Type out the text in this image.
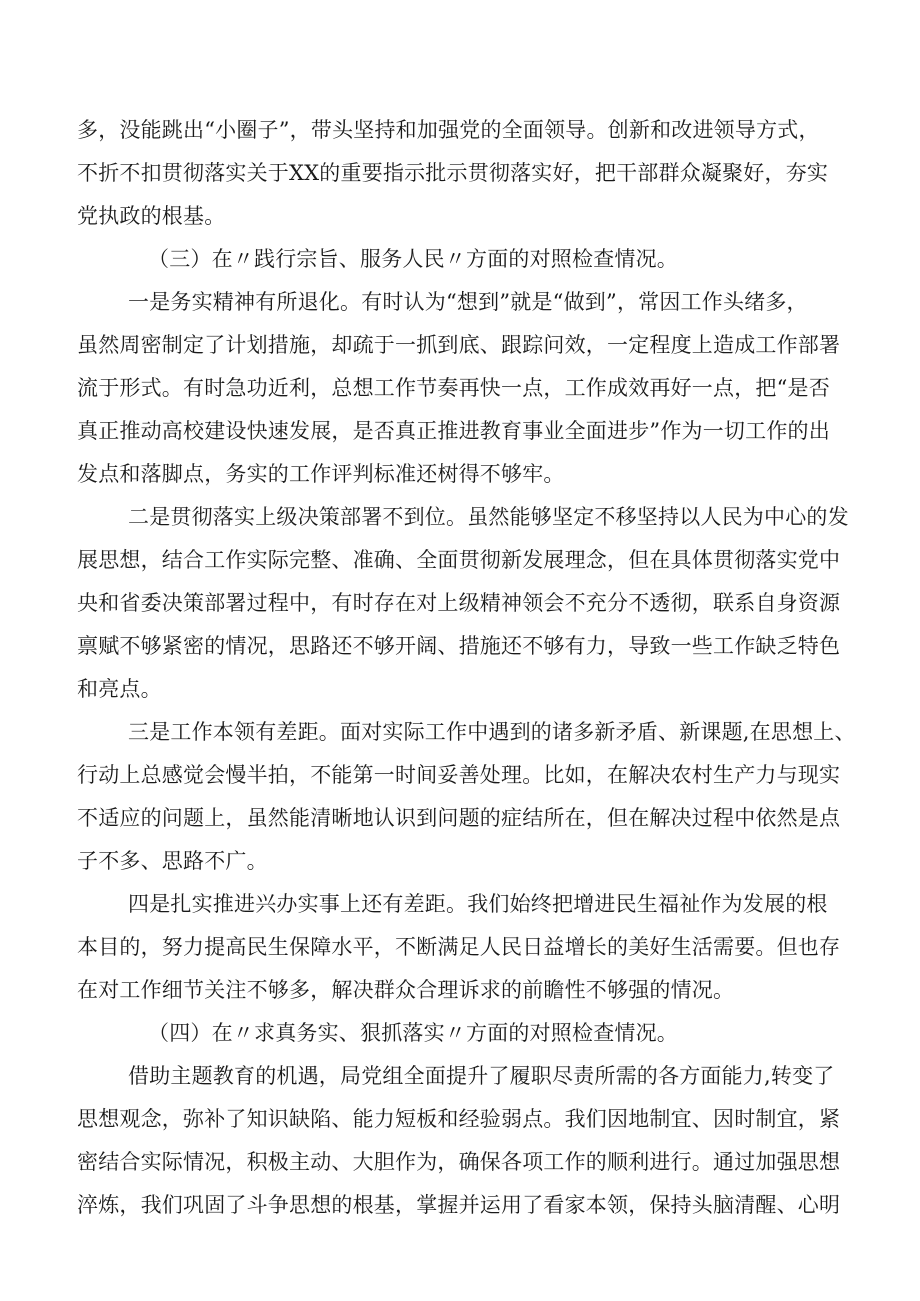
多，没能跳出“小圈子”，带头坚持和加强党的全面领导。创新和改进领导方式，
不折不扣贯彻落实关于XX的重要指示批示贯彻落实好，把干部群众凝聚好，夯实
党执政的根基。
（三）在〃践行宗旨、服务人民〃方面的对照检查情况。
一是务实精神有所退化。有时认为“想到”就是“做到”，常因工作头绪多，
虽然周密制定了计划措施，却疏于一抓到底、跟踪问效，一定程度上造成工作部署
流于形式。有时急功近利，总想工作节奏再快一点，工作成效再好一点，把“是否
真正推动高校建设快速发展，是否真正推进教育事业全面进步”作为一切工作的出
发点和落脚点，务实的工作评判标准还树得不够牢。
二是贯彻落实上级决策部署不到位。虽然能够坚定不移坚持以人民为中心的发
展思想，结合工作实际完整、准确、全面贯彻新发展理念，但在具体贯彻落实党中
央和省委决策部署过程中，有时存在对上级精神领会不充分不透彻，联系自身资源
禀赋不够紧密的情况，思路还不够开阔、措施还不够有力，导致一些工作缺乏特色
和亮点。
三是工作本领有差距。面对实际工作中遇到的诸多新矛盾、新课题,在思想上、
行动上总感觉会慢半拍，不能第一时间妥善处理。比如，在解决农村生产力与现实
不适应的问题上，虽然能清晰地认识到问题的症结所在，但在解决过程中依然是点
子不多、思路不广。
四是扎实推进兴办实事上还有差距。我们始终把增进民生福祉作为发展的根
本目的，努力提高民生保障水平，不断满足人民日益增长的美好生活需要。但也存
在对工作细节关注不够多，解决群众合理诉求的前瞻性不够强的情况。
（四）在〃求真务实、狠抓落实〃方面的对照检查情况。
借助主题教育的机遇，局党组全面提升了履职尽责所需的各方面能力,转变了
思想观念，弥补了知识缺陷、能力短板和经验弱点。我们因地制宜、因时制宜，紧
密结合实际情况，积极主动、大胆作为，确保各项工作的顺利进行。通过加强思想
淬炼，我们巩固了斗争思想的根基，掌握并运用了看家本领，保持头脑清醒、心明
